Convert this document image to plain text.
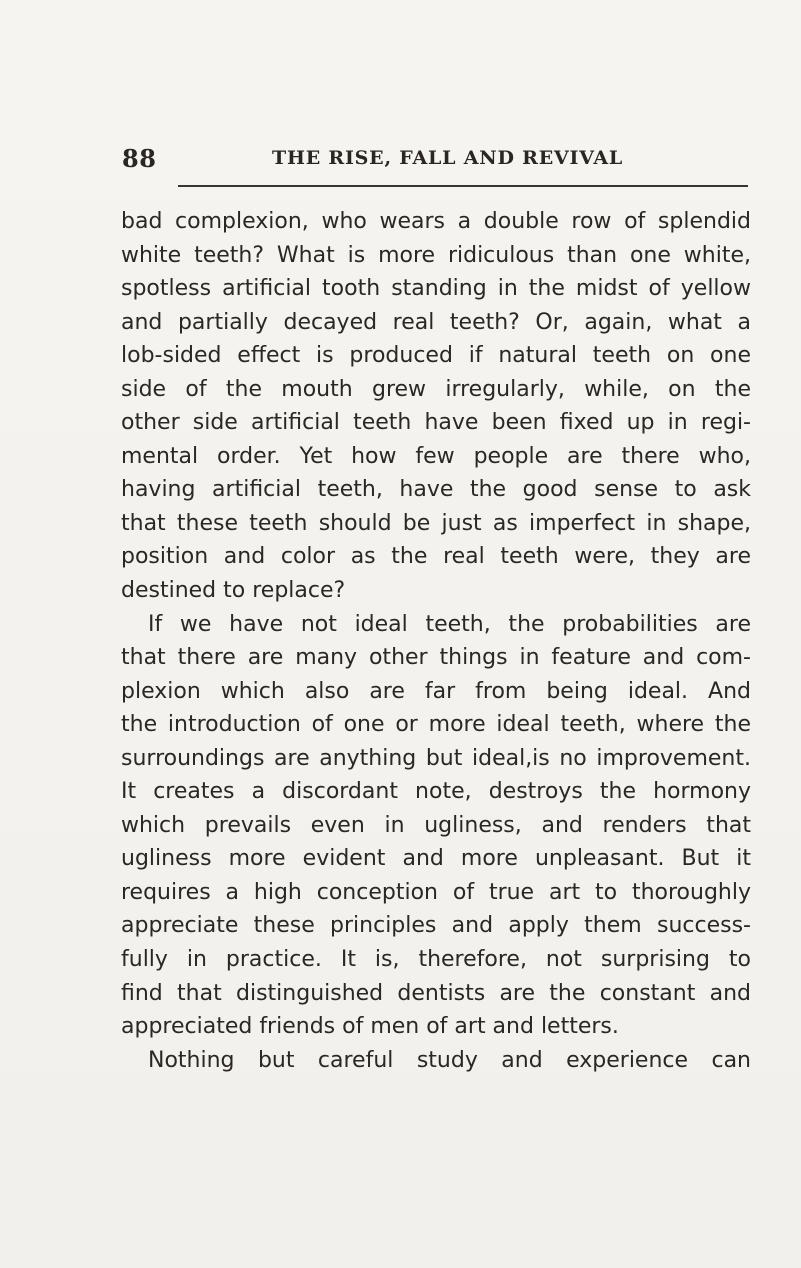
88	THE RISE, FALL AND REVIVAL
bad complexion, who wears a double row of splendid
white teeth? What is more ridiculous than one white,
spotless artificial tooth standing in the midst of yellow
and partially decayed real teeth? Or, again, what a
lob-sided effect is produced if natural teeth on one
side of the mouth grew irregularly, while, on the
other side artificial teeth have been fixed up in regi-
mental order. Yet how few people are there who,
having artificial teeth, have the good sense to ask
that these teeth should be just as imperfect in shape,
position and color as the real teeth were, they are
destined to replace?
If we have not ideal teeth, the probabilities are
that there are many other things in feature and com-
plexion which also are far from being ideal. And
the introduction of one or more ideal teeth, where the
surroundings are anything but ideal,is no improvement.
It creates a discordant note, destroys the hormony
which prevails even in ugliness, and renders that
ugliness more evident and more unpleasant. But it
requires a high conception of true art to thoroughly
appreciate these principles and apply them success-
fully in practice. It is, therefore, not surprising to
find that distinguished dentists are the constant and
appreciated friends of men of art and letters.
Nothing but careful study and experience can
